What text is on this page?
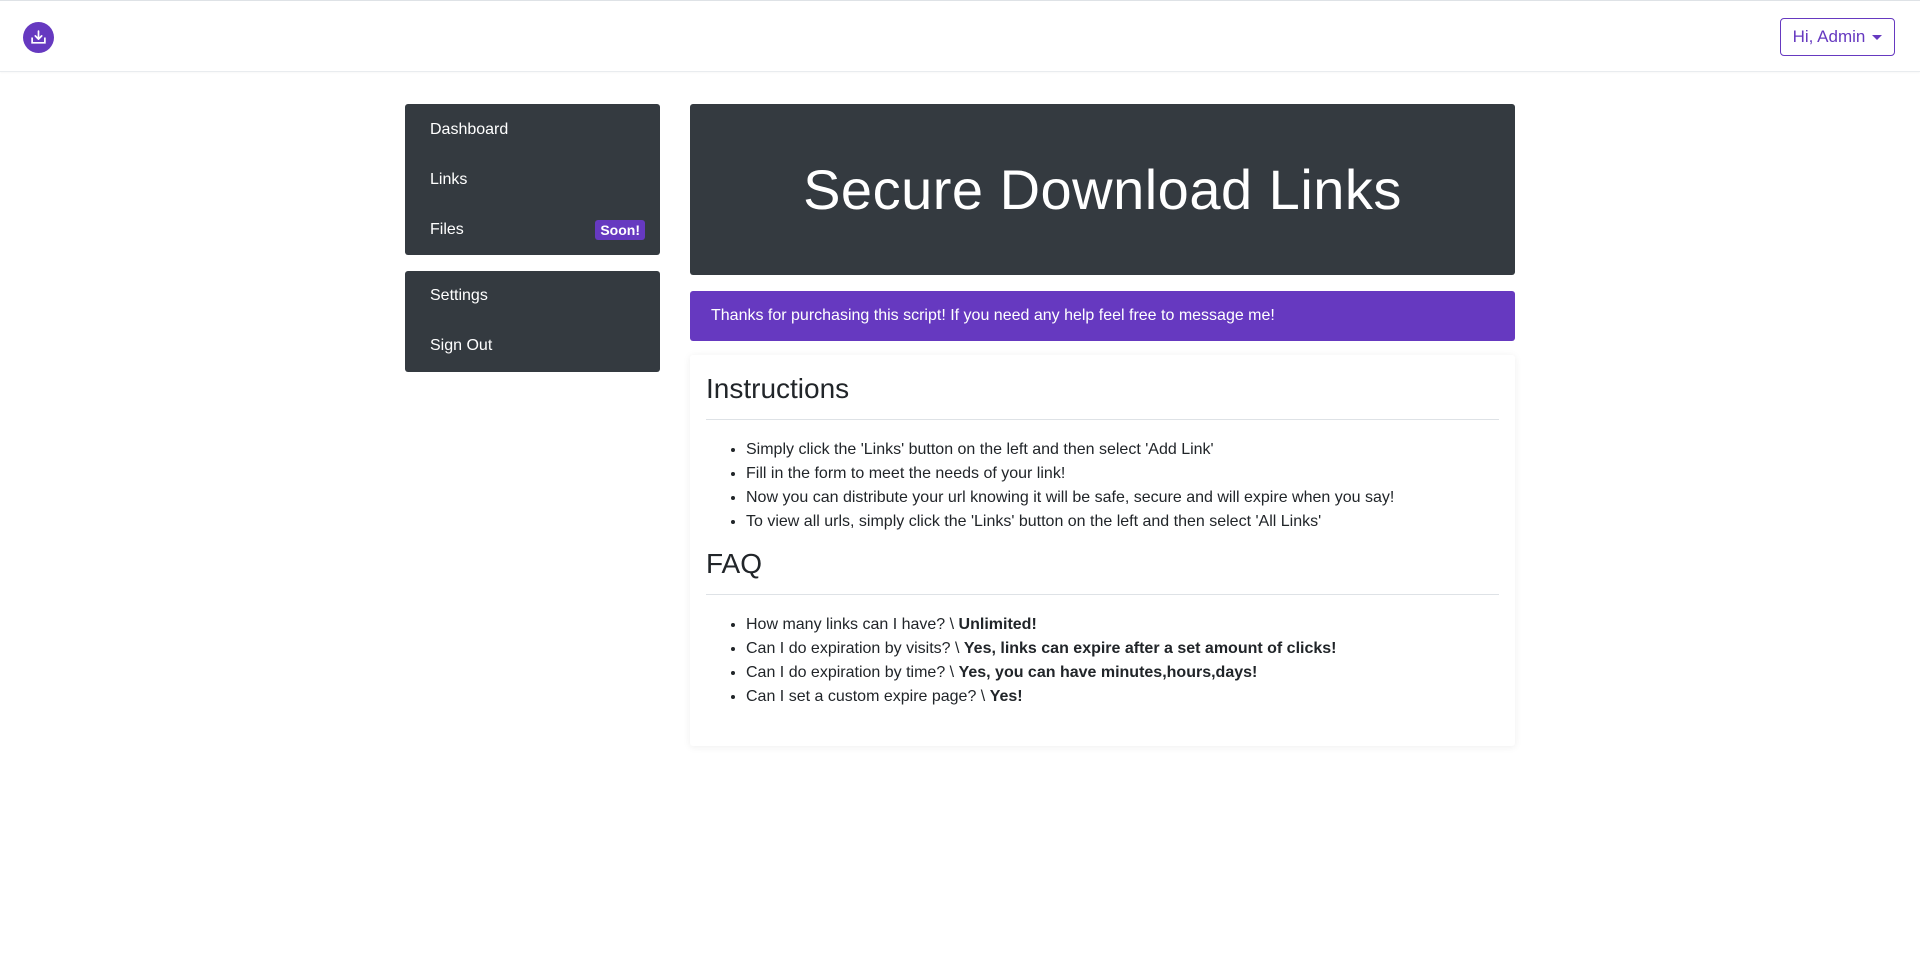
Hi, Admin
Dashboard
Links
Files	Soon!
Settings
Sign Out
Secure Download Links
Thanks for purchasing this script! If you need any help feel free to message me!
Instructions
• Simply click the 'Links' button on the left and then select 'Add Link'
• Fill in the form to meet the needs of your link!
• Now you can distribute your url knowing it will be safe, secure and will expire when you say!
• To view all urls, simply click the 'Links' button on the left and then select 'All Links'
FAQ
• How many links can I have? \ Unlimited!
• Can I do expiration by visits? \ Yes, links can expire after a set amount of clicks!
• Can I do expiration by time? \ Yes, you can have minutes,hours,days!
• Can I set a custom expire page? \ Yes!
